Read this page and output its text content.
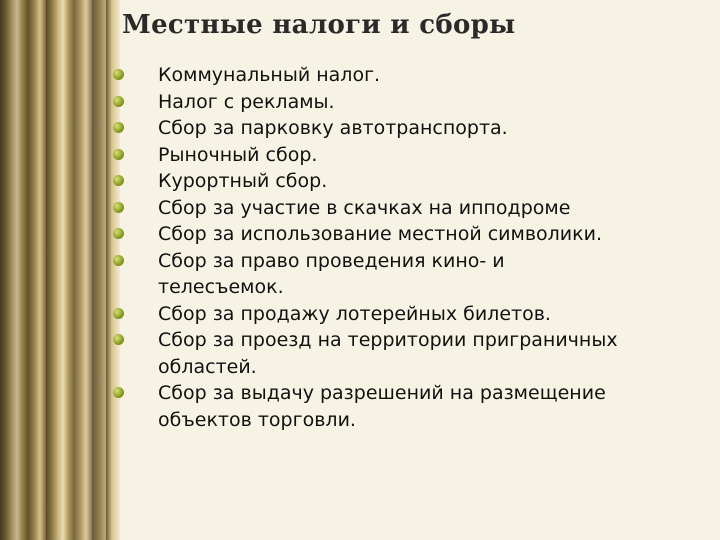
Местные налоги и сборы
Коммунальный налог.
Налог с рекламы.
Сбор за парковку автотранспорта.
Рыночный сбор.
Курортный сбор.
Сбор за участие в скачках на ипподроме
Сбор за использование местной символики.
Сбор за право проведения кино- и
телесъемок.
Сбор за продажу лотерейных билетов.
Сбор за проезд на территории приграничных
областей.
Сбор за выдачу разрешений на размещение
объектов торговли.
